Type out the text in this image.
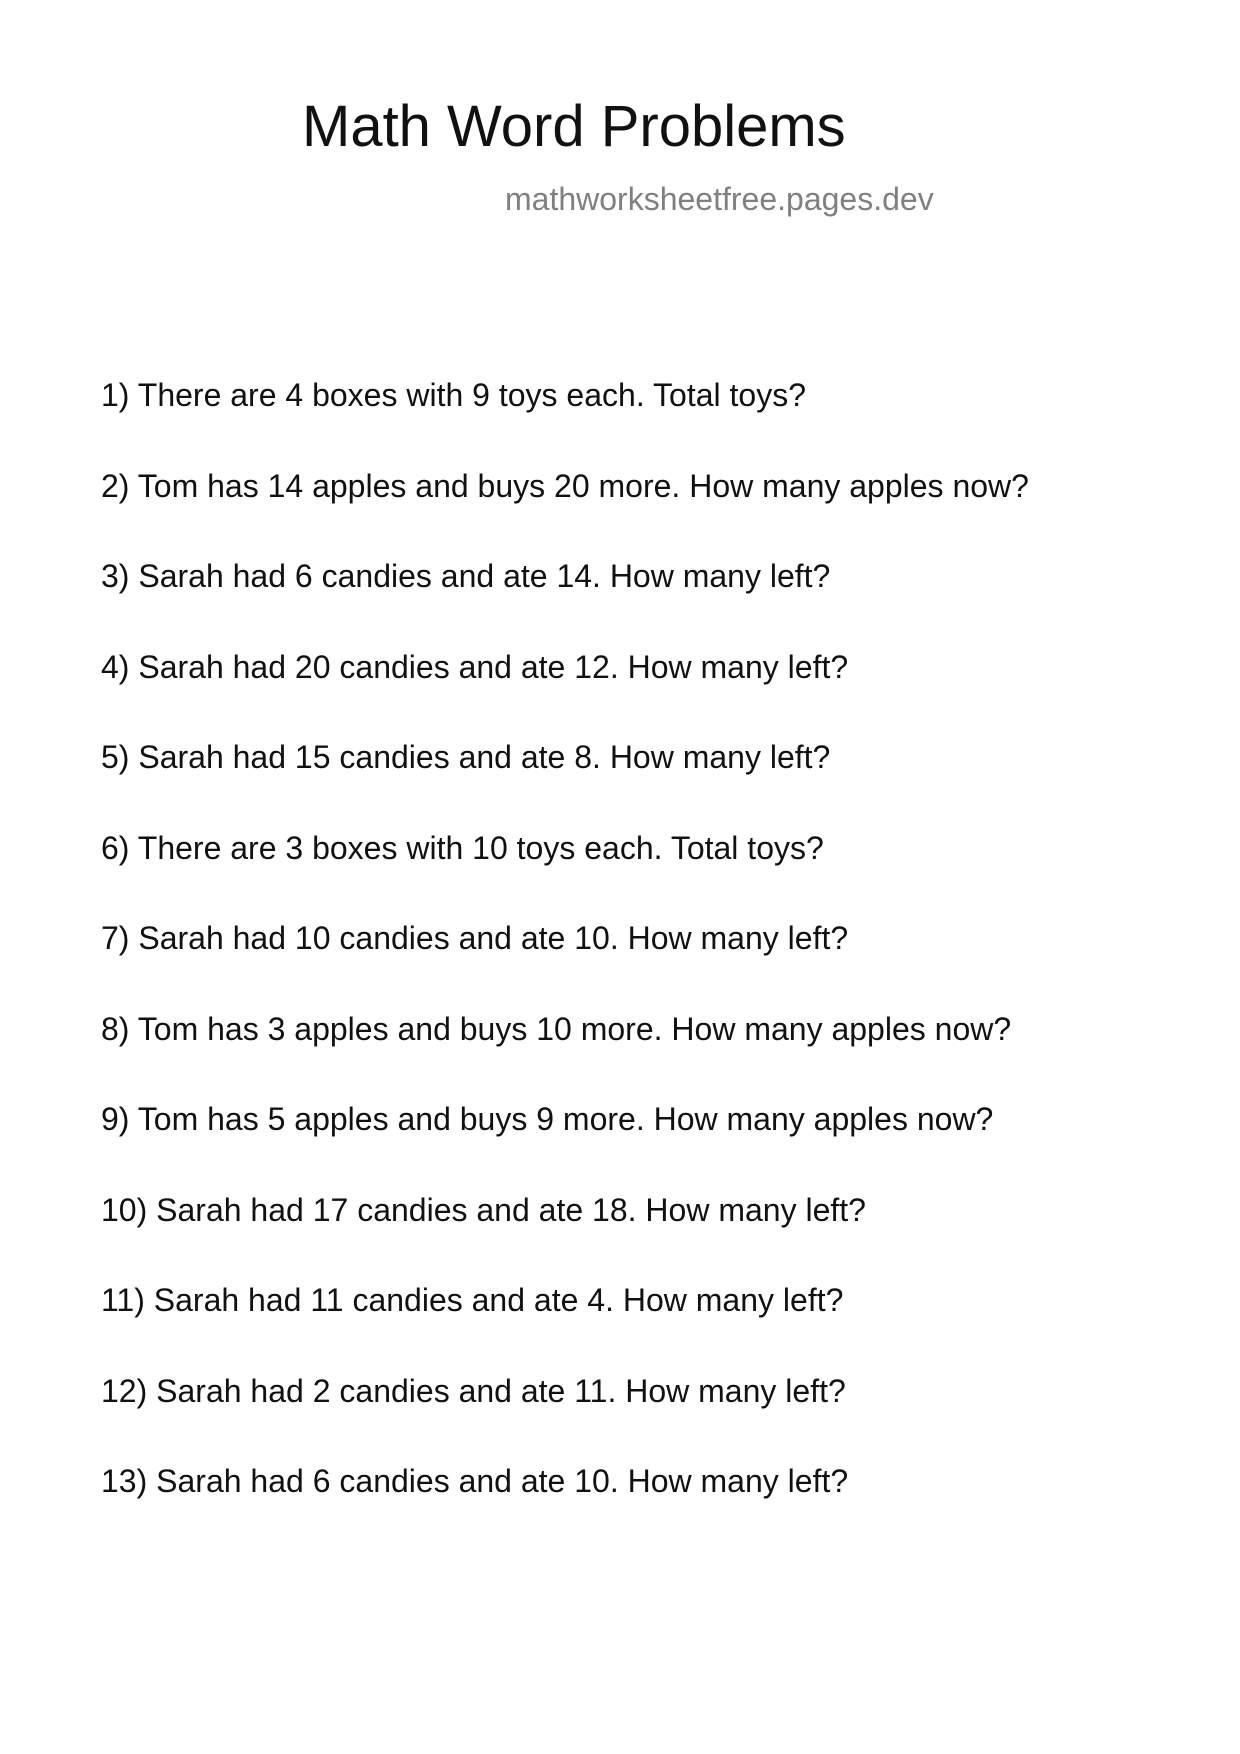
Math Word Problems
mathworksheetfree.pages.dev
1) There are 4 boxes with 9 toys each. Total toys?
2) Tom has 14 apples and buys 20 more. How many apples now?
3) Sarah had 6 candies and ate 14. How many left?
4) Sarah had 20 candies and ate 12. How many left?
5) Sarah had 15 candies and ate 8. How many left?
6) There are 3 boxes with 10 toys each. Total toys?
7) Sarah had 10 candies and ate 10. How many left?
8) Tom has 3 apples and buys 10 more. How many apples now?
9) Tom has 5 apples and buys 9 more. How many apples now?
10) Sarah had 17 candies and ate 18. How many left?
11) Sarah had 11 candies and ate 4. How many left?
12) Sarah had 2 candies and ate 11. How many left?
13) Sarah had 6 candies and ate 10. How many left?
